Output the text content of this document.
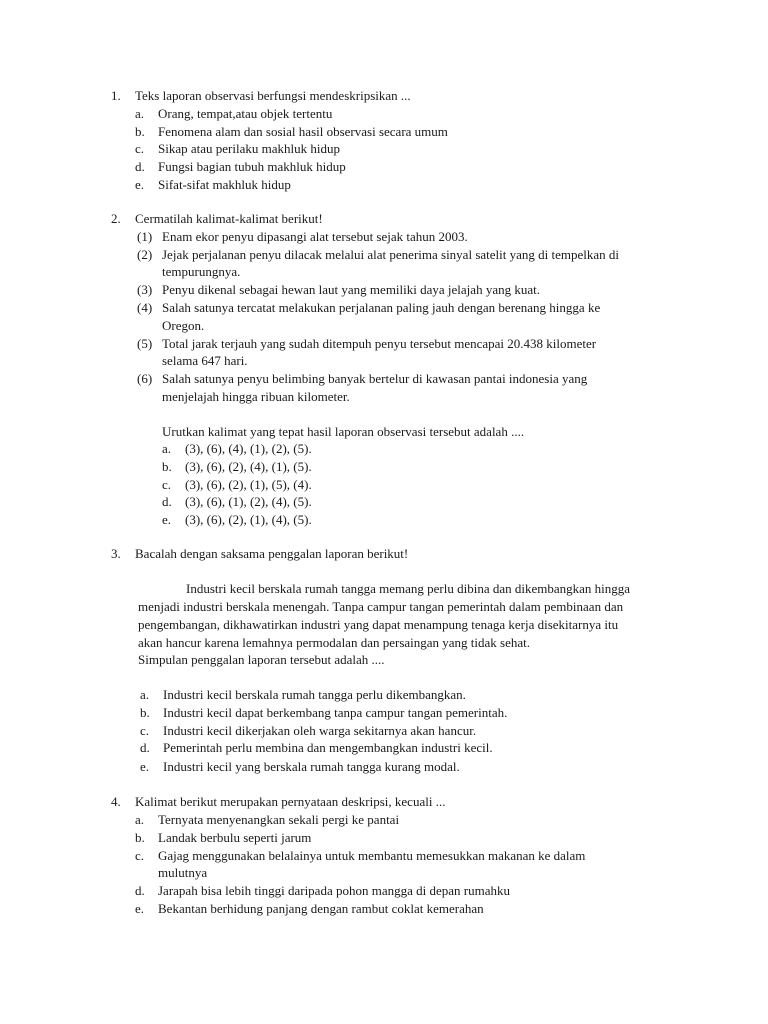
1. Teks laporan observasi berfungsi mendeskripsikan ...
a. Orang, tempat,atau objek tertentu
b. Fenomena alam dan sosial hasil observasi secara umum
c. Sikap atau perilaku makhluk hidup
d. Fungsi bagian tubuh makhluk hidup
e. Sifat-sifat makhluk hidup
2. Cermatilah kalimat-kalimat berikut!
(1) Enam ekor penyu dipasangi alat tersebut sejak tahun 2003.
(2) Jejak perjalanan penyu dilacak melalui alat penerima sinyal satelit yang di tempelkan di
tempurungnya.
(3) Penyu dikenal sebagai hewan laut yang memiliki daya jelajah yang kuat.
(4) Salah satunya tercatat melakukan perjalanan paling jauh dengan berenang hingga ke
Oregon.
(5) Total jarak terjauh yang sudah ditempuh penyu tersebut mencapai 20.438 kilometer
selama 647 hari.
(6) Salah satunya penyu belimbing banyak bertelur di kawasan pantai indonesia yang
menjelajah hingga ribuan kilometer.
Urutkan kalimat yang tepat hasil laporan observasi tersebut adalah ....
a. (3), (6), (4), (1), (2), (5).
b. (3), (6), (2), (4), (1), (5).
c. (3), (6), (2), (1), (5), (4).
d. (3), (6), (1), (2), (4), (5).
e. (3), (6), (2), (1), (4), (5).
3. Bacalah dengan saksama penggalan laporan berikut!
Industri kecil berskala rumah tangga memang perlu dibina dan dikembangkan hingga
menjadi industri berskala menengah. Tanpa campur tangan pemerintah dalam pembinaan dan
pengembangan, dikhawatirkan industri yang dapat menampung tenaga kerja disekitarnya itu
akan hancur karena lemahnya permodalan dan persaingan yang tidak sehat.
Simpulan penggalan laporan tersebut adalah ....
a. Industri kecil berskala rumah tangga perlu dikembangkan.
b. Industri kecil dapat berkembang tanpa campur tangan pemerintah.
c. Industri kecil dikerjakan oleh warga sekitarnya akan hancur.
d. Pemerintah perlu membina dan mengembangkan industri kecil.
e. Industri kecil yang berskala rumah tangga kurang modal.
4. Kalimat berikut merupakan pernyataan deskripsi, kecuali ...
a. Ternyata menyenangkan sekali pergi ke pantai
b. Landak berbulu seperti jarum
c. Gajag menggunakan belalainya untuk membantu memesukkan makanan ke dalam
mulutnya
d. Jarapah bisa lebih tinggi daripada pohon mangga di depan rumahku
e. Bekantan berhidung panjang dengan rambut coklat kemerahan
